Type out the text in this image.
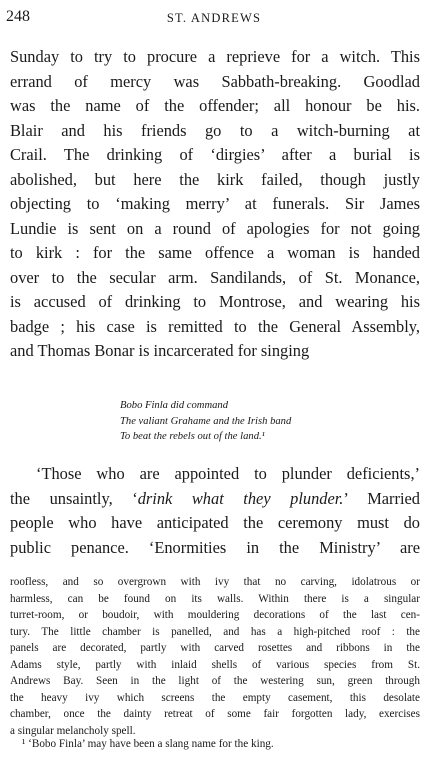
248	ST. ANDREWS
Sunday to try to procure a reprieve for a witch. This
errand of mercy was Sabbath-breaking. Goodlad
was the name of the offender; all honour be his.
Blair and his friends go to a witch-burning at
Crail. The drinking of ‘dirgies’ after a burial is
abolished, but here the kirk failed, though justly
objecting to ‘making merry’ at funerals. Sir James
Lundie is sent on a round of apologies for not going
to kirk : for the same offence a woman is handed
over to the secular arm. Sandilands, of St. Monance,
is accused of drinking to Montrose, and wearing his
badge ; his case is remitted to the General Assembly,
and Thomas Bonar is incarcerated for singing
Bobo Finla did command
The valiant Grahame and the Irish band
To beat the rebels out of the land.¹
‘Those who are appointed to plunder deficients,’
the unsaintly, ‘drink what they plunder.’ Married
people who have anticipated the ceremony must do
public penance. ‘Enormities in the Ministry’ are
roofless, and so overgrown with ivy that no carving, idolatrous or
harmless, can be found on its walls. Within there is a singular
turret-room, or boudoir, with mouldering decorations of the last cen-
tury. The little chamber is panelled, and has a high-pitched roof : the
panels are decorated, partly with carved rosettes and ribbons in the
Adams style, partly with inlaid shells of various species from St.
Andrews Bay. Seen in the light of the westering sun, green through
the heavy ivy which screens the empty casement, this desolate
chamber, once the dainty retreat of some fair forgotten lady, exercises
a singular melancholy spell.
¹ ‘Bobo Finla’ may have been a slang name for the king.
